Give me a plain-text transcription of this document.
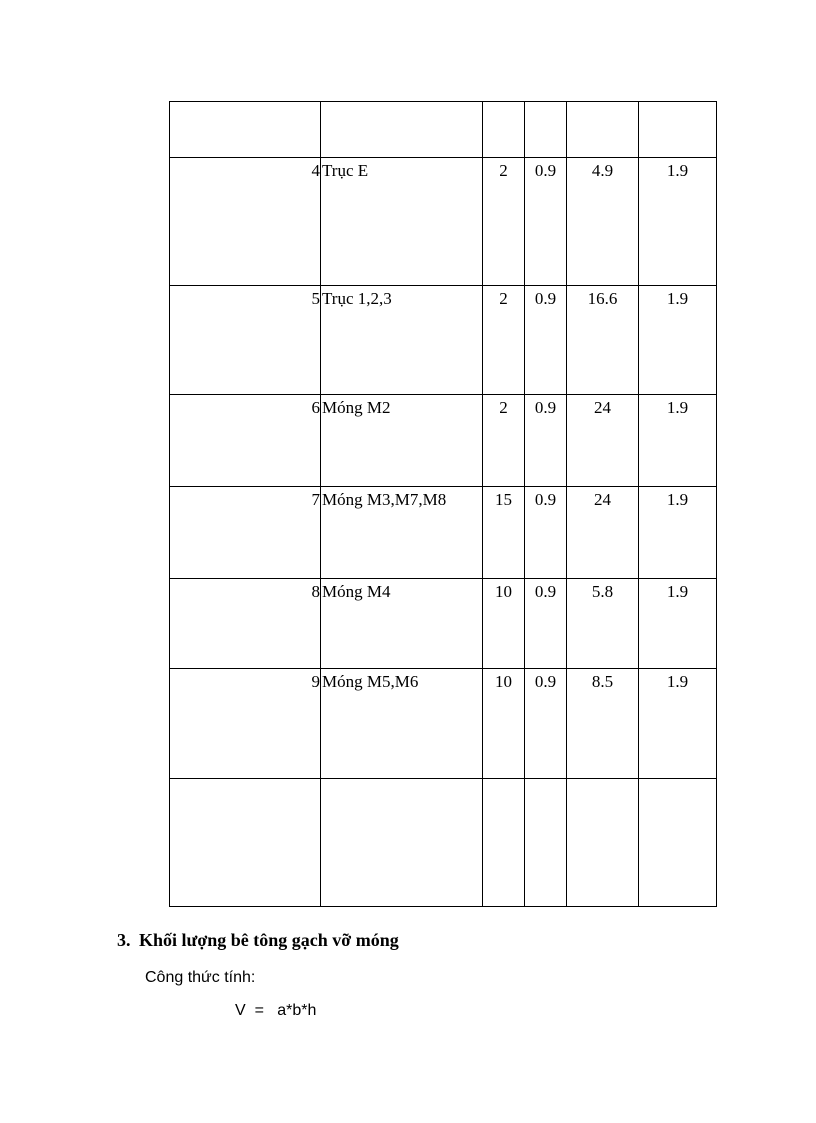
4	Trục E	2	0.9	4.9	1.9

5	Trục 1,2,3	2	0.9	16.6	1.9

6	Móng M2	2	0.9	24	1.9

7	Móng M3,M7,M8	15	0.9	24	1.9

8	Móng M4	10	0.9	5.8	1.9

9	Móng M5,M6	10	0.9	8.5	1.9

3. Khối lượng bê tông gạch vỡ móng
Công thức tính:
V  =   a*b*h
